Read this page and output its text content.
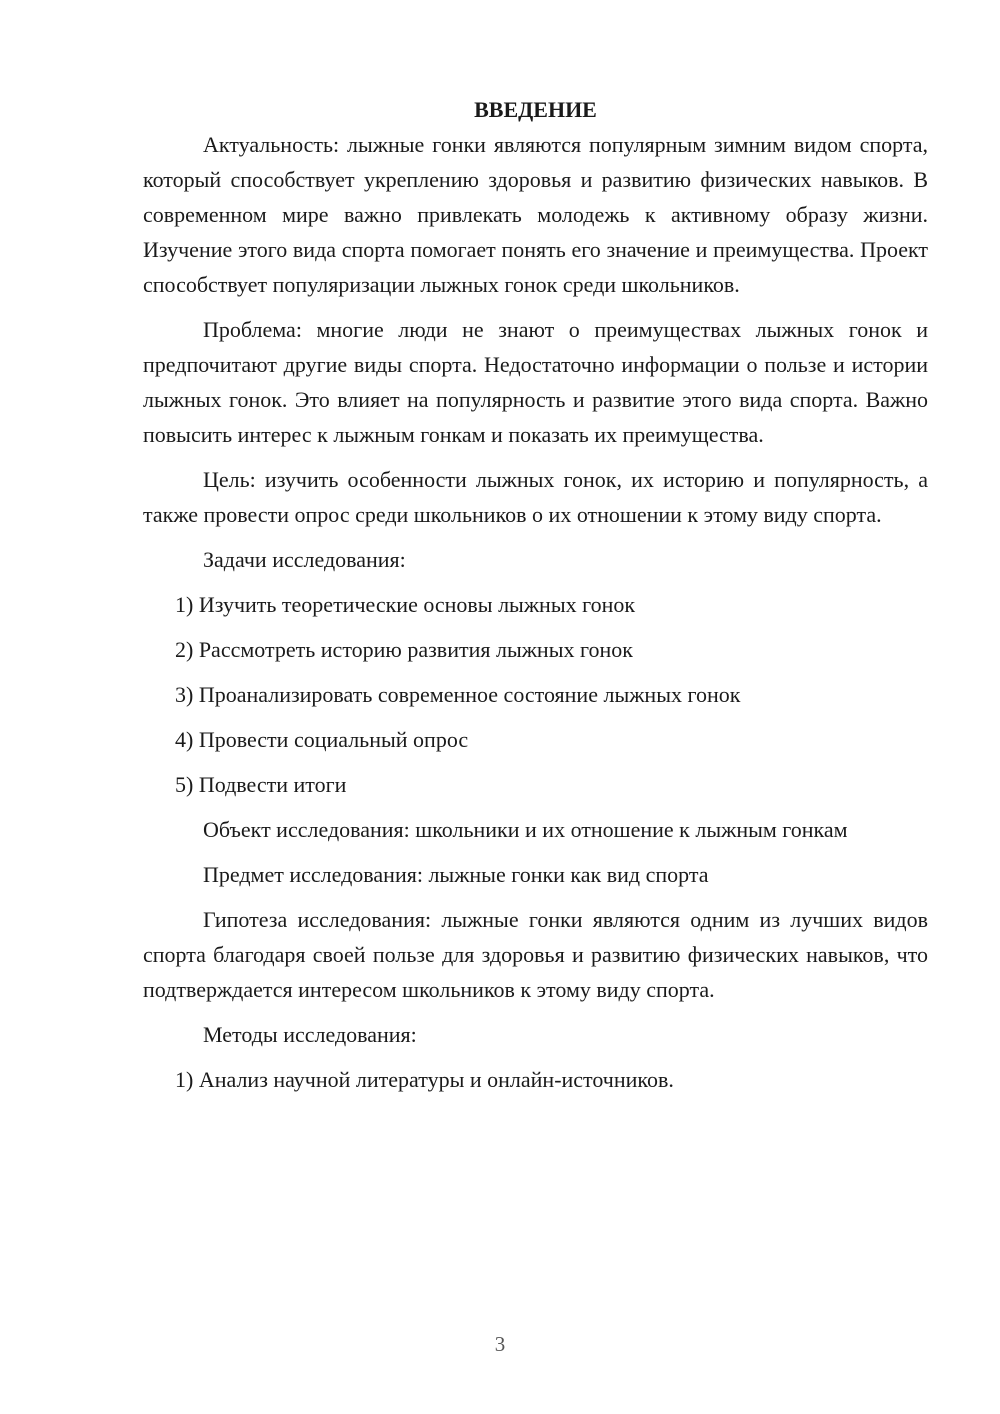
ВВЕДЕНИЕ

Актуальность: лыжные гонки являются популярным зимним видом спорта, который способствует укреплению здоровья и развитию физических навыков. В современном мире важно привлекать молодежь к активному образу жизни. Изучение этого вида спорта помогает понять его значение и преимущества. Проект способствует популяризации лыжных гонок среди школьников.

Проблема: многие люди не знают о преимуществах лыжных гонок и предпочитают другие виды спорта. Недостаточно информации о пользе и истории лыжных гонок. Это влияет на популярность и развитие этого вида спорта. Важно повысить интерес к лыжным гонкам и показать их преимущества.

Цель: изучить особенности лыжных гонок, их историю и популярность, а также провести опрос среди школьников о их отношении к этому виду спорта.

Задачи исследования:

1) Изучить теоретические основы лыжных гонок
2) Рассмотреть историю развития лыжных гонок
3) Проанализировать современное состояние лыжных гонок
4) Провести социальный опрос
5) Подвести итоги

Объект исследования: школьники и их отношение к лыжным гонкам

Предмет исследования: лыжные гонки как вид спорта

Гипотеза исследования: лыжные гонки являются одним из лучших видов спорта благодаря своей пользе для здоровья и развитию физических навыков, что подтверждается интересом школьников к этому виду спорта.

Методы исследования:

1) Анализ научной литературы и онлайн-источников.
3
